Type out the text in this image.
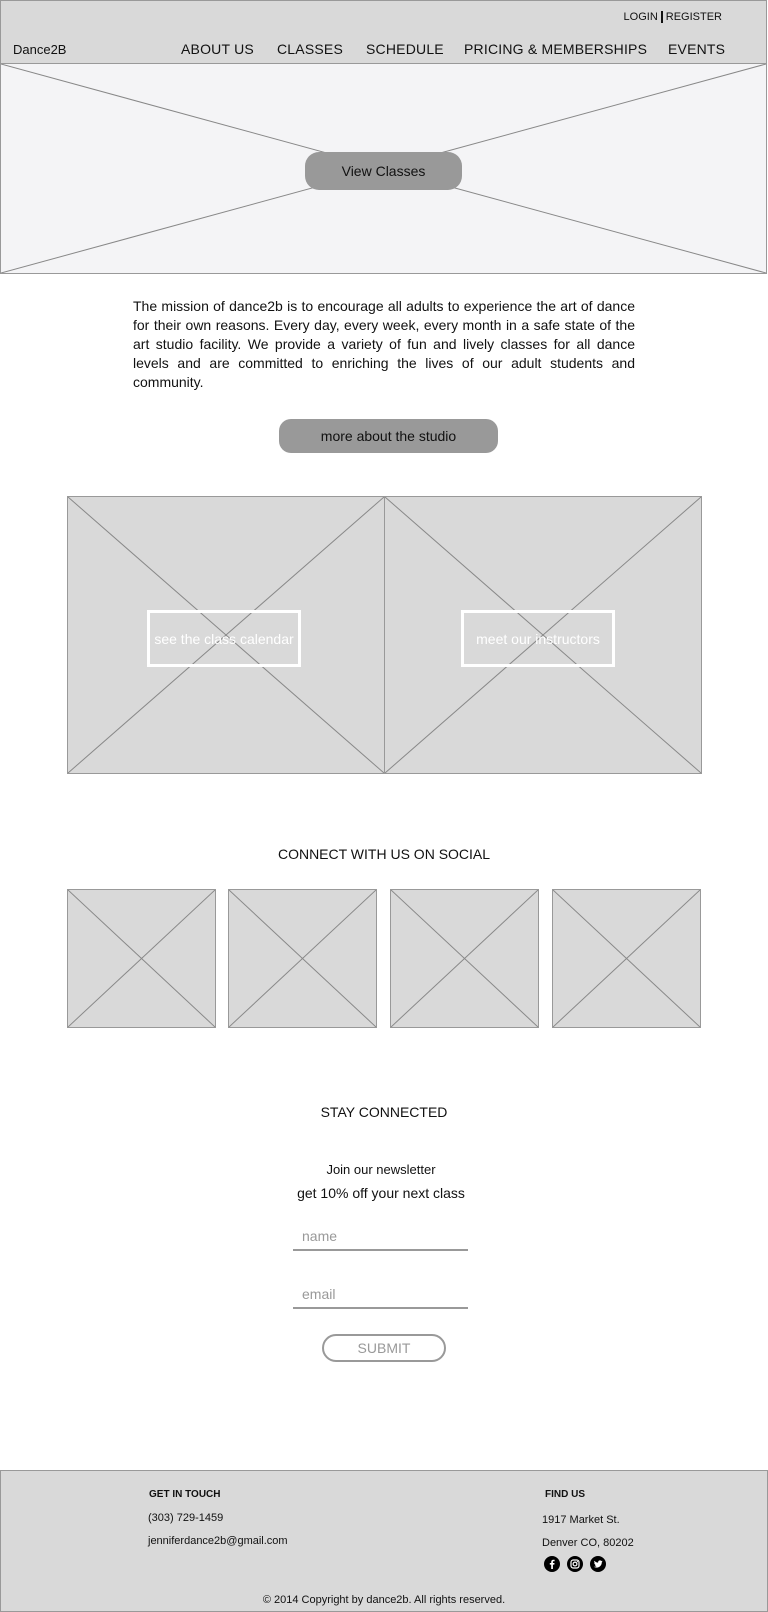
Dance2B
LOGIN REGISTER
ABOUT US CLASSES SCHEDULE PRICING & MEMBERSHIPS EVENTS
View Classes
The mission of dance2b is to encourage all adults to experience the art of dance for their own reasons. Every day, every week, every month in a safe state of the art studio facility. We provide a variety of fun and lively classes for all dance levels and are committed to enriching the lives of our adult students and community.
more about the studio
see the class calendar	meet our instructors
CONNECT WITH US ON SOCIAL
STAY CONNECTED
Join our newsletter
get 10% off your next class
name
email
SUBMIT
GET IN TOUCH
(303) 729-1459
jenniferdance2b@gmail.com
FIND US
1917 Market St.
Denver CO, 80202
© 2014 Copyright by dance2b. All rights reserved.
